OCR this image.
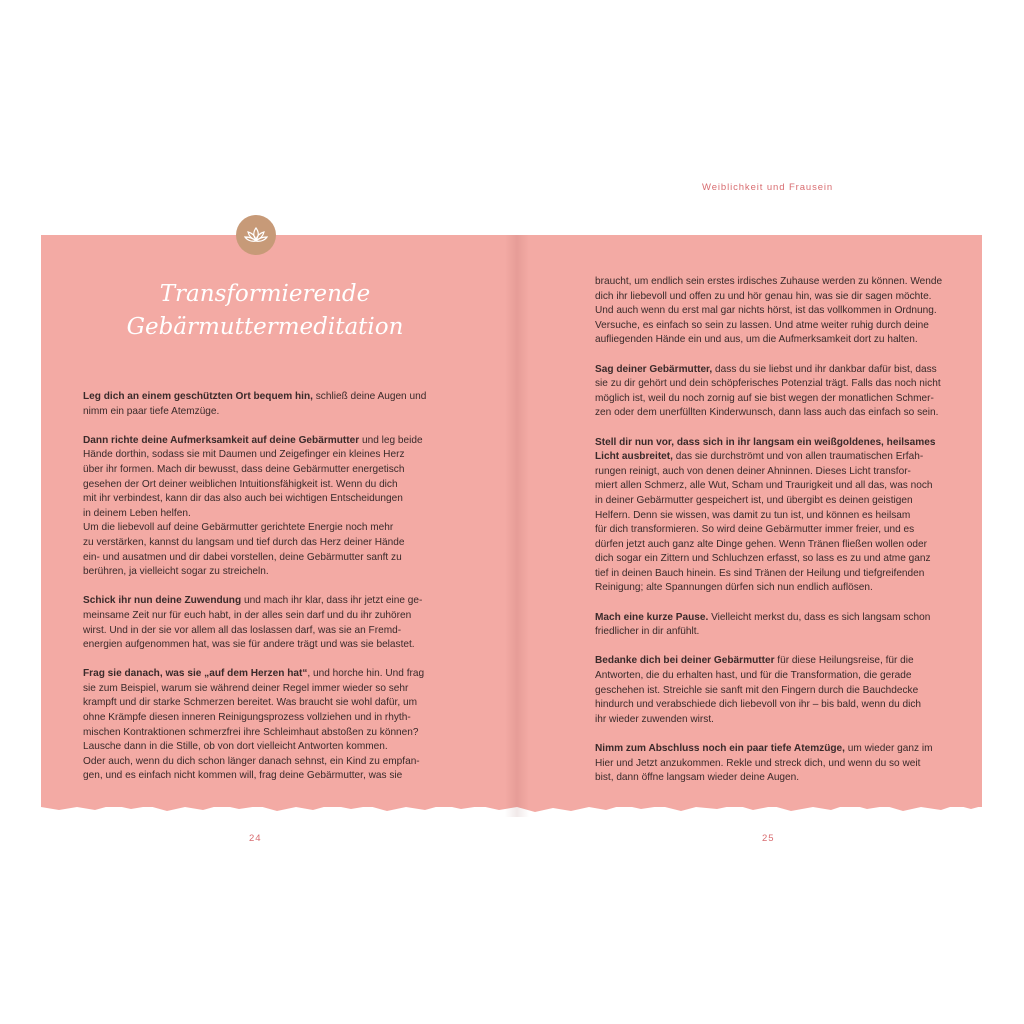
Weiblichkeit und Frausein
Transformierende
Gebärmuttermeditation

Leg dich an einem geschützten Ort bequem hin, schließ deine Augen und
nimm ein paar tiefe Atemzüge.

Dann richte deine Aufmerksamkeit auf deine Gebärmutter und leg beide
Hände dorthin, sodass sie mit Daumen und Zeigefinger ein kleines Herz
über ihr formen. Mach dir bewusst, dass deine Gebärmutter energetisch
gesehen der Ort deiner weiblichen Intuitionsfähigkeit ist. Wenn du dich
mit ihr verbindest, kann dir das also auch bei wichtigen Entscheidungen
in deinem Leben helfen.
Um die liebevoll auf deine Gebärmutter gerichtete Energie noch mehr
zu verstärken, kannst du langsam und tief durch das Herz deiner Hände
ein- und ausatmen und dir dabei vorstellen, deine Gebärmutter sanft zu
berühren, ja vielleicht sogar zu streicheln.

Schick ihr nun deine Zuwendung und mach ihr klar, dass ihr jetzt eine ge-
meinsame Zeit nur für euch habt, in der alles sein darf und du ihr zuhören
wirst. Und in der sie vor allem all das loslassen darf, was sie an Fremd-
energien aufgenommen hat, was sie für andere trägt und was sie belastet.

Frag sie danach, was sie „auf dem Herzen hat“, und horche hin. Und frag
sie zum Beispiel, warum sie während deiner Regel immer wieder so sehr
krampft und dir starke Schmerzen bereitet. Was braucht sie wohl dafür, um
ohne Krämpfe diesen inneren Reinigungsprozess vollziehen und in rhyth-
mischen Kontraktionen schmerzfrei ihre Schleimhaut abstoßen zu können?
Lausche dann in die Stille, ob von dort vielleicht Antworten kommen.
Oder auch, wenn du dich schon länger danach sehnst, ein Kind zu empfan-
gen, und es einfach nicht kommen will, frag deine Gebärmutter, was sie

braucht, um endlich sein erstes irdisches Zuhause werden zu können. Wende
dich ihr liebevoll und offen zu und hör genau hin, was sie dir sagen möchte.
Und auch wenn du erst mal gar nichts hörst, ist das vollkommen in Ordnung.
Versuche, es einfach so sein zu lassen. Und atme weiter ruhig durch deine
aufliegenden Hände ein und aus, um die Aufmerksamkeit dort zu halten.

Sag deiner Gebärmutter, dass du sie liebst und ihr dankbar dafür bist, dass
sie zu dir gehört und dein schöpferisches Potenzial trägt. Falls das noch nicht
möglich ist, weil du noch zornig auf sie bist wegen der monatlichen Schmer-
zen oder dem unerfüllten Kinderwunsch, dann lass auch das einfach so sein.

Stell dir nun vor, dass sich in ihr langsam ein weißgoldenes, heilsames
Licht ausbreitet, das sie durchströmt und von allen traumatischen Erfah-
rungen reinigt, auch von denen deiner Ahninnen. Dieses Licht transfor-
miert allen Schmerz, alle Wut, Scham und Traurigkeit und all das, was noch
in deiner Gebärmutter gespeichert ist, und übergibt es deinen geistigen
Helfern. Denn sie wissen, was damit zu tun ist, und können es heilsam
für dich transformieren. So wird deine Gebärmutter immer freier, und es
dürfen jetzt auch ganz alte Dinge gehen. Wenn Tränen fließen wollen oder
dich sogar ein Zittern und Schluchzen erfasst, so lass es zu und atme ganz
tief in deinen Bauch hinein. Es sind Tränen der Heilung und tiefgreifenden
Reinigung; alte Spannungen dürfen sich nun endlich auflösen.

Mach eine kurze Pause. Vielleicht merkst du, dass es sich langsam schon
friedlicher in dir anfühlt.

Bedanke dich bei deiner Gebärmutter für diese Heilungsreise, für die
Antworten, die du erhalten hast, und für die Transformation, die gerade
geschehen ist. Streichle sie sanft mit den Fingern durch die Bauchdecke
hindurch und verabschiede dich liebevoll von ihr – bis bald, wenn du dich
ihr wieder zuwenden wirst.

Nimm zum Abschluss noch ein paar tiefe Atemzüge, um wieder ganz im
Hier und Jetzt anzukommen. Rekle und streck dich, und wenn du so weit
bist, dann öffne langsam wieder deine Augen.

24	25
